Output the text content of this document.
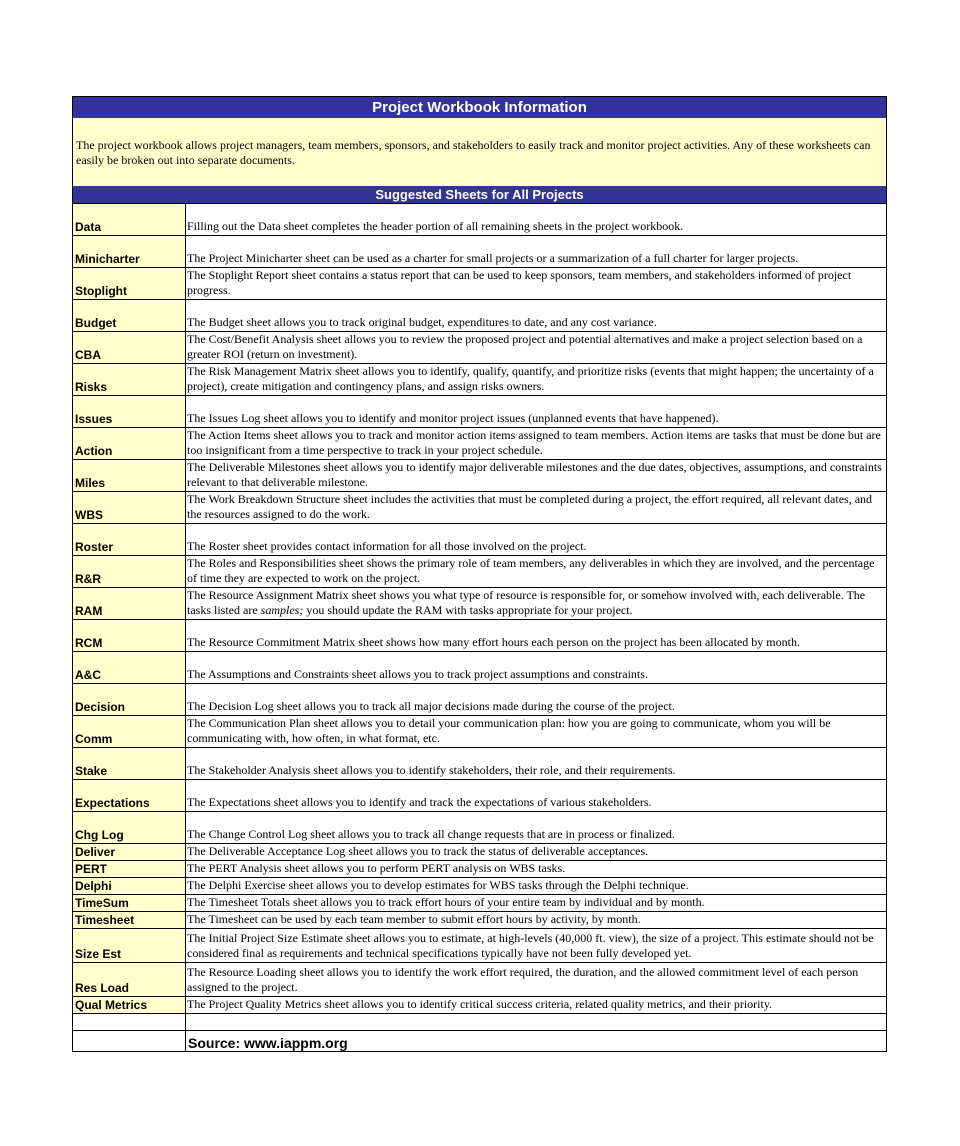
Project Workbook Information
The project workbook allows project managers, team members, sponsors, and stakeholders to easily track and monitor project activities. Any of these worksheets can easily be broken out into separate documents.
Suggested Sheets for All Projects
Data	Filling out the Data sheet completes the header portion of all remaining sheets in the project workbook.
Minicharter	The Project Minicharter sheet can be used as a charter for small projects or a summarization of a full charter for larger projects.
Stoplight	The Stoplight Report sheet contains a status report that can be used to keep sponsors, team members, and stakeholders informed of project progress.
Budget	The Budget sheet allows you to track original budget, expenditures to date, and any cost variance.
CBA	The Cost/Benefit Analysis sheet allows you to review the proposed project and potential alternatives and make a project selection based on a greater ROI (return on investment).
Risks	The Risk Management Matrix sheet allows you to identify, qualify, quantify, and prioritize risks (events that might happen; the uncertainty of a project), create mitigation and contingency plans, and assign risks owners.
Issues	The Issues Log sheet allows you to identify and monitor project issues (unplanned events that have happened).
Action	The Action Items sheet allows you to track and monitor action items assigned to team members. Action items are tasks that must be done but are too insignificant from a time perspective to track in your project schedule.
Miles	The Deliverable Milestones sheet allows you to identify major deliverable milestones and the due dates, objectives, assumptions, and constraints relevant to that deliverable milestone.
WBS	The Work Breakdown Structure sheet includes the activities that must be completed during a project, the effort required, all relevant dates, and the resources assigned to do the work.
Roster	The Roster sheet provides contact information for all those involved on the project.
R&R	The Roles and Responsibilities sheet shows the primary role of team members, any deliverables in which they are involved, and the percentage of time they are expected to work on the project.
RAM	The Resource Assignment Matrix sheet shows you what type of resource is responsible for, or somehow involved with, each deliverable. The tasks listed are samples; you should update the RAM with tasks appropriate for your project.
RCM	The Resource Commitment Matrix sheet shows how many effort hours each person on the project has been allocated by month.
A&C	The Assumptions and Constraints sheet allows you to track project assumptions and constraints.
Decision	The Decision Log sheet allows you to track all major decisions made during the course of the project.
Comm	The Communication Plan sheet allows you to detail your communication plan: how you are going to communicate, whom you will be communicating with, how often, in what format, etc.
Stake	The Stakeholder Analysis sheet allows you to identify stakeholders, their role, and their requirements.
Expectations	The Expectations sheet allows you to identify and track the expectations of various stakeholders.
Chg Log	The Change Control Log sheet allows you to track all change requests that are in process or finalized.
Deliver	The Deliverable Acceptance Log sheet allows you to track the status of deliverable acceptances.
PERT	The PERT Analysis sheet allows you to perform PERT analysis on WBS tasks.
Delphi	The Delphi Exercise sheet allows you to develop estimates for WBS tasks through the Delphi technique.
TimeSum	The Timesheet Totals sheet allows you to track effort hours of your entire team by individual and by month.
Timesheet	The Timesheet can be used by each team member to submit effort hours by activity, by month.
Size Est	The Initial Project Size Estimate sheet allows you to estimate, at high-levels (40,000 ft. view), the size of a project. This estimate should not be considered final as requirements and technical specifications typically have not been fully developed yet.
Res Load	The Resource Loading sheet allows you to identify the work effort required, the duration, and the allowed commitment level of each person assigned to the project.
Qual Metrics	The Project Quality Metrics sheet allows you to identify critical success criteria, related quality metrics, and their priority.

	Source: www.iappm.org
